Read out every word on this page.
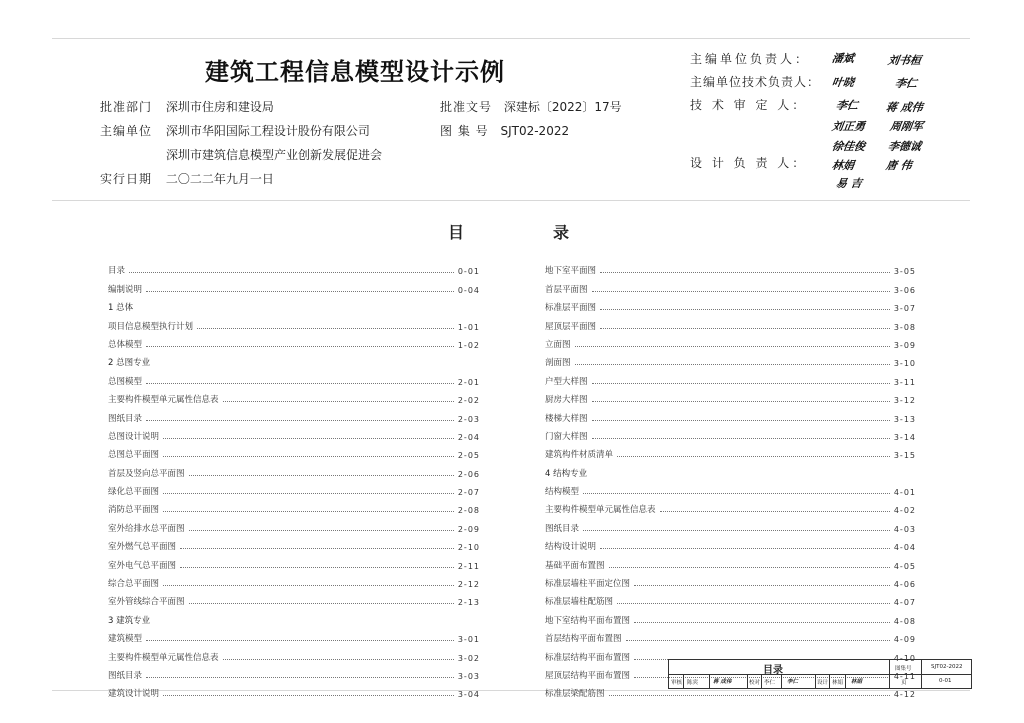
建筑工程信息模型设计示例
批准部门 深圳市住房和建设局	批准文号 深建标〔2022〕17号
主编单位 深圳市华阳国际工程设计股份有限公司	图 集 号 SJT02-2022
深圳市建筑信息模型产业创新发展促进会
实行日期 二〇二二年九月一日
主编单位负责人： 潘斌	刘书桓
主编单位技术负责人： 叶晓	李仁
技 术 审 定 人：	李仁 蒋 成伟
刘正勇 周刚军
徐佳俊 李德诚
设 计 负 责 人： 林娟	唐 伟
易 吉
目	录
目录	0-01
编制说明	0-04
1 总体
项目信息模型执行计划	1-01
总体模型	1-02
2 总图专业
总图模型	2-01
主要构件模型单元属性信息表	2-02
图纸目录	2-03
总图设计说明	2-04
总图总平面图	2-05
首层及竖向总平面图	2-06
绿化总平面图	2-07
消防总平面图	2-08
室外给排水总平面图	2-09
室外燃气总平面图	2-10
室外电气总平面图	2-11
综合总平面图	2-12
室外管线综合平面图	2-13
3 建筑专业
建筑模型	3-01
主要构件模型单元属性信息表	3-02
图纸目录	3-03
建筑设计说明	3-04
地下室平面图	3-05
首层平面图	3-06
标准层平面图	3-07
屋顶层平面图	3-08
立面图	3-09
剖面图	3-10
户型大样图	3-11
厨房大样图	3-12
楼梯大样图	3-13
门窗大样图	3-14
建筑构件材质清单	3-15
4 结构专业
结构模型	4-01
主要构件模型单元属性信息表	4-02
图纸目录	4-03
结构设计说明	4-04
基础平面布置图	4-05
标准层墙柱平面定位图	4-06
标准层墙柱配筋图	4-07
地下室结构平面布置图	4-08
首层结构平面布置图	4-09
标准层结构平面布置图	4-10
屋顶层结构平面布置图	4-11
标准层梁配筋图	4-12
目录	图集号	SJT02-2022
审核 陈宾	蒋 成伟	校对 李仁 李仁	设计 林娟 林娟	页	0-01
